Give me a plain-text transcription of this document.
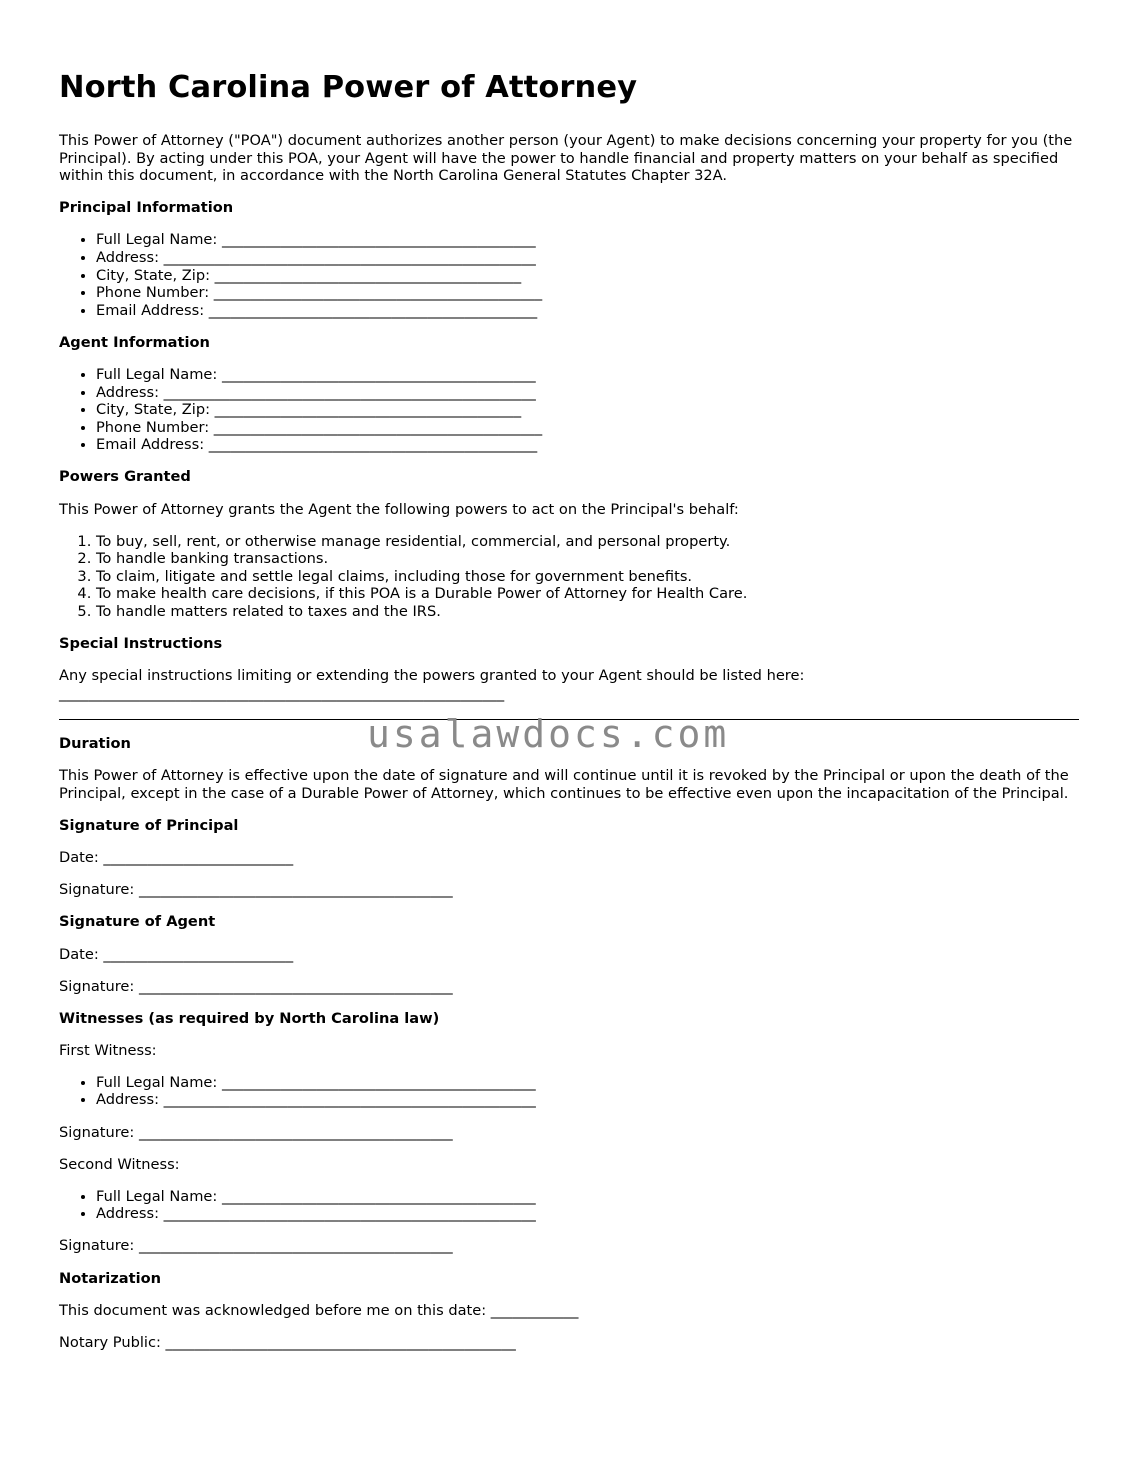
North Carolina Power of Attorney

This Power of Attorney ("POA") document authorizes another person (your Agent) to make decisions concerning your property for you (the Principal). By acting under this POA, your Agent will have the power to handle financial and property matters on your behalf as specified within this document, in accordance with the North Carolina General Statutes Chapter 32A.

Principal Information
• Full Legal Name: ___________________________________________
• Address: ___________________________________________________
• City, State, Zip: __________________________________________
• Phone Number: _____________________________________________
• Email Address: _____________________________________________
Agent Information
• Full Legal Name: ___________________________________________
• Address: ___________________________________________________
• City, State, Zip: __________________________________________
• Phone Number: _____________________________________________
• Email Address: _____________________________________________
Powers Granted

This Power of Attorney grants the Agent the following powers to act on the Principal's behalf:

1. To buy, sell, rent, or otherwise manage residential, commercial, and personal property.
2. To handle banking transactions.
3. To claim, litigate and settle legal claims, including those for government benefits.
4. To make health care decisions, if this POA is a Durable Power of Attorney for Health Care.
5. To handle matters related to taxes and the IRS.
Special Instructions

Any special instructions limiting or extending the powers granted to your Agent should be listed here:
_____________________________________________________________

Duration

This Power of Attorney is effective upon the date of signature and will continue until it is revoked by the Principal or upon the death of the Principal, except in the case of a Durable Power of Attorney, which continues to be effective even upon the incapacitation of the Principal.

Signature of Principal

Date: __________________________

Signature: ___________________________________________

Signature of Agent

Date: __________________________

Signature: ___________________________________________

Witnesses (as required by North Carolina law)

First Witness:

• Full Legal Name: ___________________________________________
• Address: ___________________________________________________

Signature: ___________________________________________

Second Witness:

• Full Legal Name: ___________________________________________
• Address: ___________________________________________________

Signature: ___________________________________________

Notarization

This document was acknowledged before me on this date: ____________

Notary Public: ________________________________________________

usalawdocs.com
